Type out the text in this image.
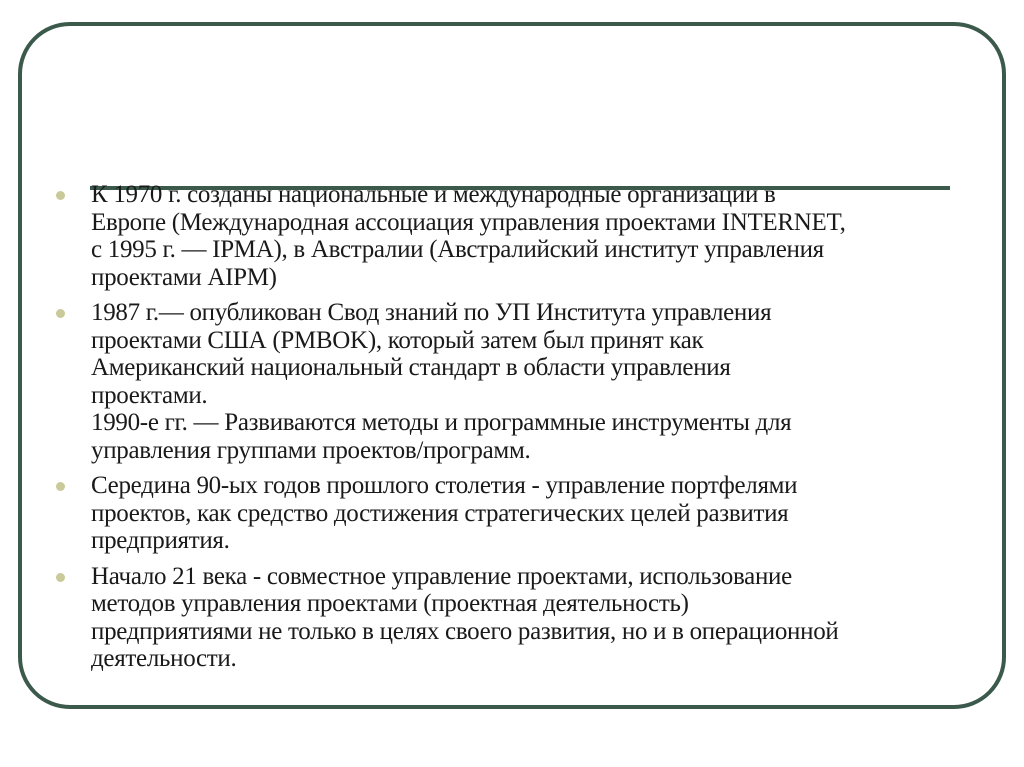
К 1970 г. созданы национальные и международные организации в
Европе (Международная ассоциация управления проектами INTERNET,
с 1995 г. — IPMA), в Австралии (Австралийский институт управления
проектами AIPM)
1987 г.— опубликован Свод знаний по УП Института управления
проектами США (PMBOK), который затем был принят как
Американский национальный стандарт в области управления
проектами.
1990-е гг. — Развиваются методы и программные инструменты для
управления группами проектов/программ.
Середина 90-ых годов прошлого столетия - управление портфелями
проектов, как средство достижения стратегических целей развития
предприятия.
Начало 21 века - совместное управление проектами, использование
методов управления проектами (проектная деятельность)
предприятиями не только в целях своего развития, но и в операционной
деятельности.
